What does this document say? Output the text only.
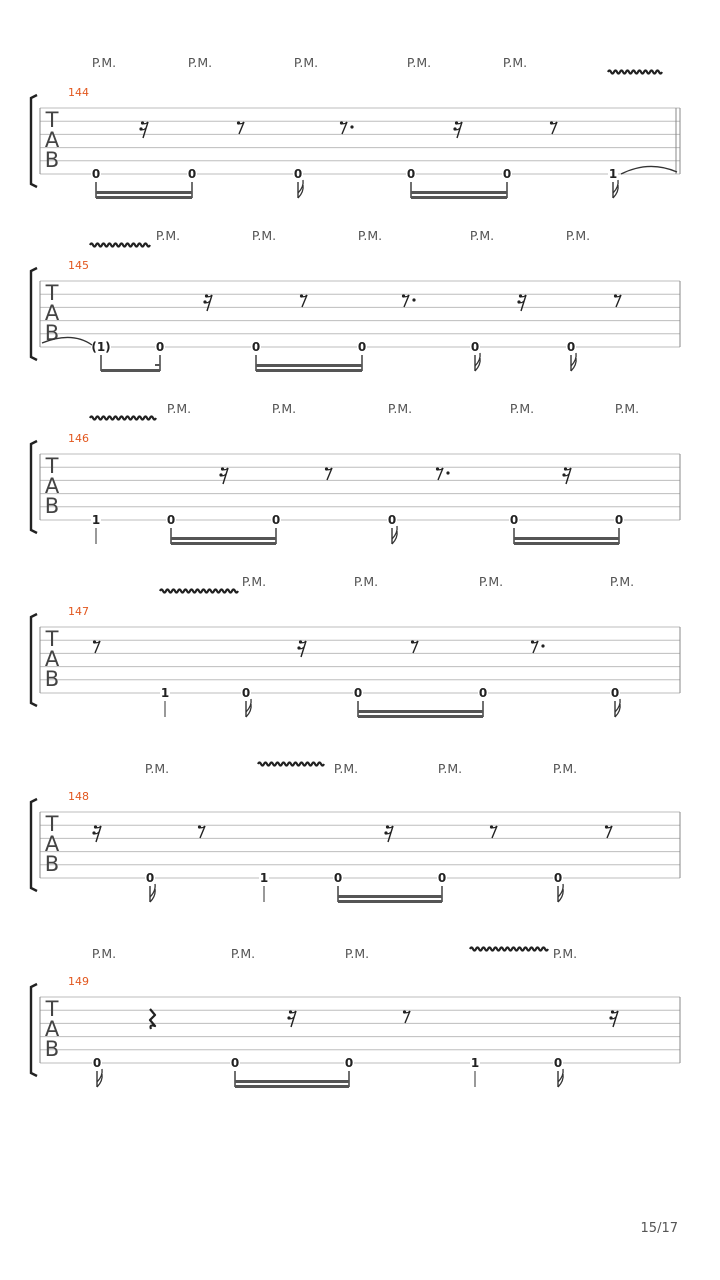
P.M.	P.M.	P.M.	P.M.	P.M.
144
T
A
B
0	0	0	0	0	1
P.M.	P.M.	P.M.	P.M.	P.M.
145
T
A
B
(1)	0	0	0	0	0
P.M.	P.M.	P.M.	P.M.	P.M.
146
T
A
B
1	0	0	0	0	0
P.M.	P.M.	P.M.	P.M.
147
T
A
B
1	0	0	0	0
P.M.	P.M.	P.M.	P.M.
148
T
A
B
0	1	0	0	0
P.M.	P.M.	P.M.	P.M.
149
T
A
B
0	0	0	1	0
15/17
